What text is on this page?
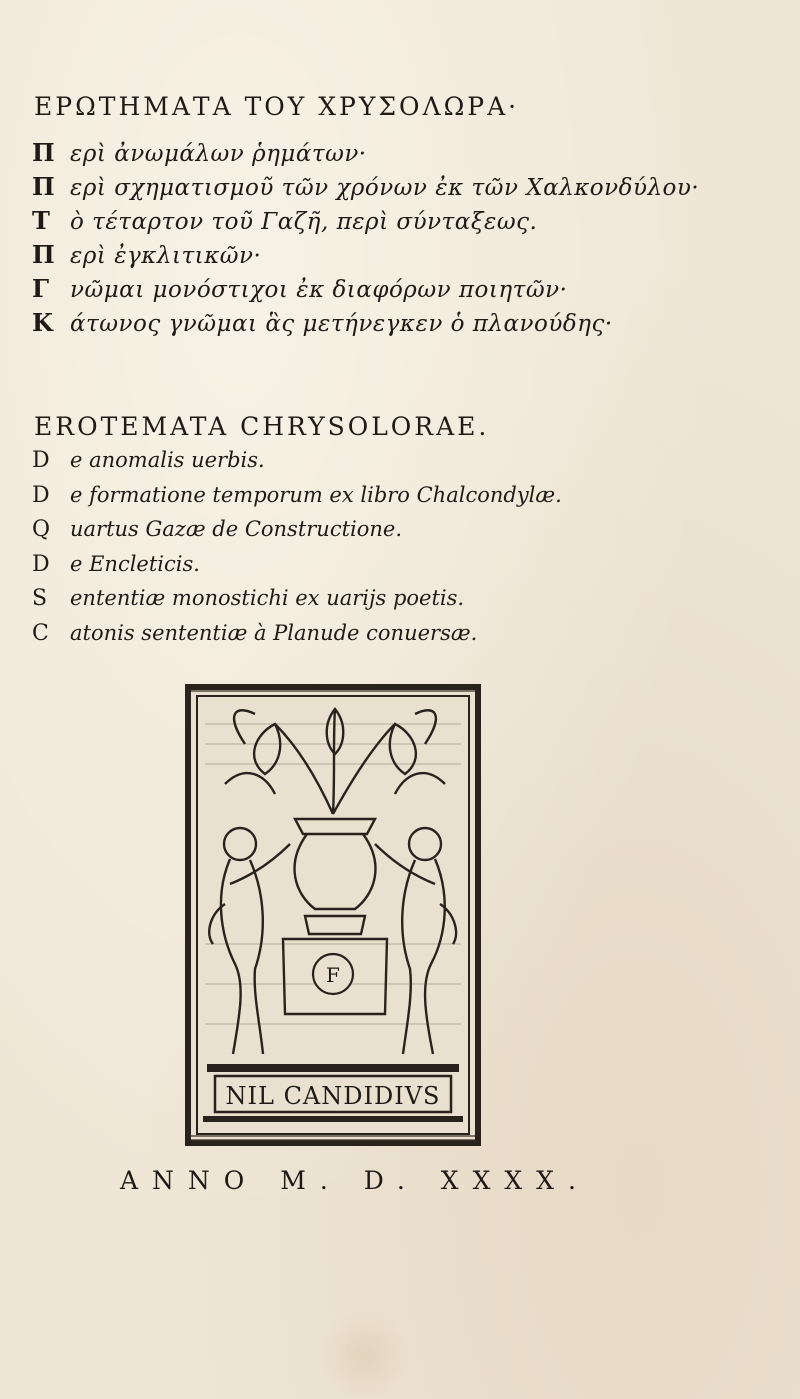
ΕΡΩΤΗΜΑΤΑ ΤΟΥ ΧΡΥΣΟΛΩΡΑ·
Π ερὶ ἀνωμάλων ῥημάτων·
Π ερὶ σχηματισμοῦ τῶν χρόνων ἐκ τῶν Χαλκονδύλου·
Τ ὸ τέταρτον τοῦ Γαζῆ, περὶ σύνταξεως.
Π ερὶ ἐγκλιτικῶν·
Γ νῶμαι μονόστιχοι ἐκ διαφόρων ποιητῶν·
Κ άτωνος γνῶμαι ἃς μετήνεγκεν ὁ πλανούδης·
EROTEMATA CHRYSOLORAE.
D e anomalis uerbis.
D e formatione temporum ex libro Chalcondylæ.
Q uartus Gazæ de Constructione.
D e Encleticis.
S	ententiæ monostichi ex uarijs poetis.
C	atonis sententiæ à Planude conuersæ.
F
NIL CANDIDIVS
ANNO M. D. XXXX.
